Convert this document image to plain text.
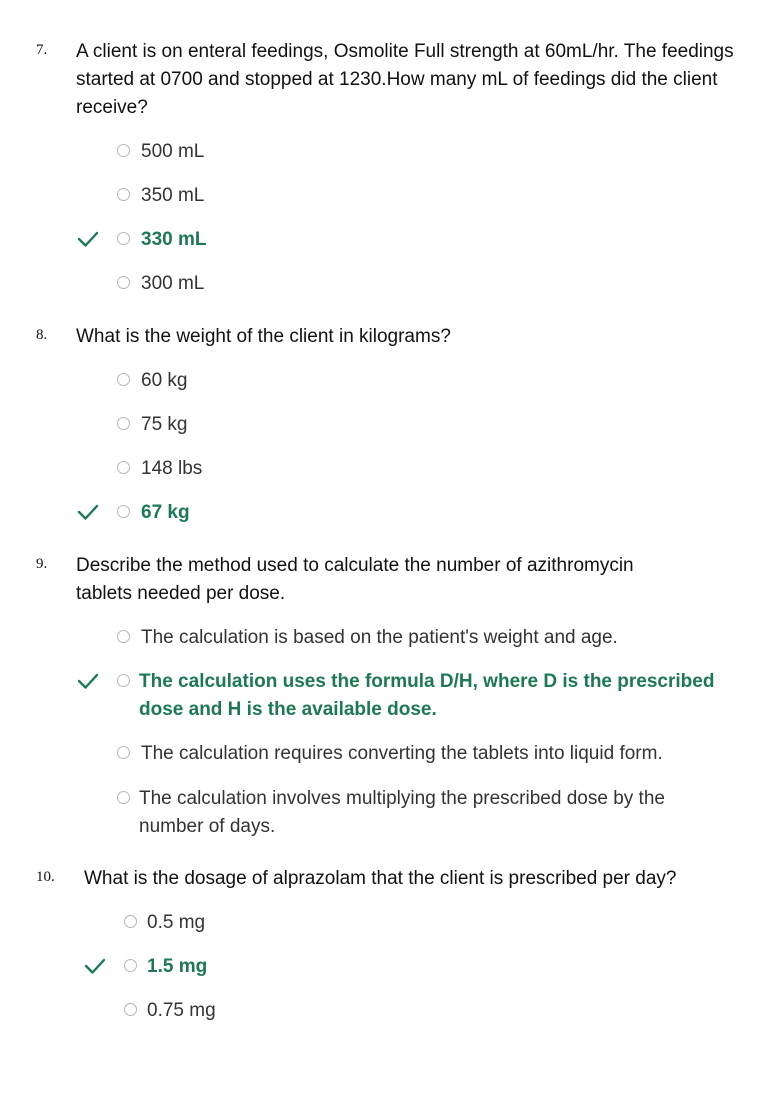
7. A client is on enteral feedings, Osmolite Full strength at 60mL/hr. The feedings started at 0700 and stopped at 1230.How many mL of feedings did the client receive?
500 mL
350 mL
330 mL
300 mL
8. What is the weight of the client in kilograms?
60 kg
75 kg
148 lbs
67 kg
9. Describe the method used to calculate the number of azithromycin tablets needed per dose.
The calculation is based on the patient's weight and age.
The calculation uses the formula D/H, where D is the prescribed dose and H is the available dose.
The calculation requires converting the tablets into liquid form.
The calculation involves multiplying the prescribed dose by the number of days.
10. What is the dosage of alprazolam that the client is prescribed per day?
0.5 mg
1.5 mg
0.75 mg
